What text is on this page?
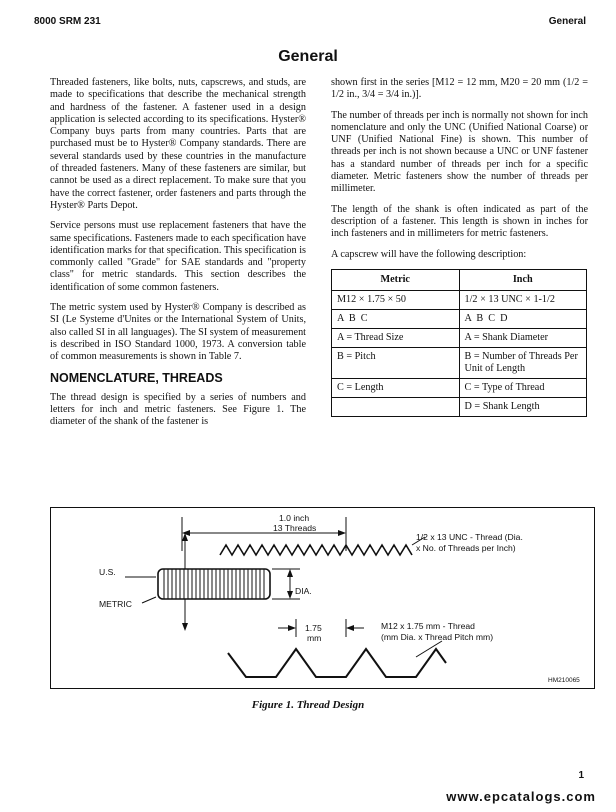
8000 SRM 231	General
General

Threaded fasteners, like bolts, nuts, capscrews, and studs, are made to specifications that describe the mechanical strength and hardness of the fastener. A fastener used in a design application is selected according to its specifications. Hyster® Company buys parts from many countries. Parts that are purchased must be to Hyster® Company standards. There are several standards used by these countries in the manufacture of threaded fasteners. Many of these fasteners are similar, but cannot be used as a direct replacement. To make sure that you have the correct fastener, order fasteners and parts through the Hyster® Parts Depot.

Service persons must use replacement fasteners that have the same specifications. Fasteners made to each specification have identification marks for that specification. This specification is commonly called "Grade" for SAE standards and "property class" for metric standards. This section describes the identification of some common fasteners.

The metric system used by Hyster® Company is described as SI (Le Systeme d'Unites or the International System of Units, also called SI in all languages). The SI system of measurement is described in ISO Standard 1000, 1973. A conversion table of common measurements is shown in Table 7.

NOMENCLATURE, THREADS

The thread design is specified by a series of numbers and letters for inch and metric fasteners. See Figure 1. The diameter of the shank of the fastener is

shown first in the series [M12 = 12 mm, M20 = 20 mm (1/2 = 1/2 in., 3/4 = 3/4 in.)].

The number of threads per inch is normally not shown for inch nomenclature and only the UNC (Unified National Coarse) or UNF (Unified National Fine) is shown. This number of threads per inch is not shown because a UNC or UNF fastener has a standard number of threads per inch for a specific diameter. Metric fasteners show the number of threads per millimeter.

The length of the shank is often indicated as part of the description of a fastener. This length is shown in inches for inch fasteners and in millimeters for metric fasteners.

A capscrew will have the following description:

Metric	Inch
M12 × 1.75 × 50	1/2 × 13 UNC × 1-1/2
A  B  C	A  B  C  D
A = Thread Size	A = Shank Diameter
B = Pitch	B = Number of Threads Per Unit of Length
C = Length	C = Type of Thread
	D = Shank Length
1.0 inch
13 Threads
1/2 x 13 UNC - Thread (Dia.
x No. of Threads per Inch)
U.S.
METRIC
DIA.
1.75
mm
M12 x 1.75 mm - Thread
(mm Dia. x Thread Pitch mm)
HM210065
Figure 1. Thread Design
1
www.epcatalogs.com
